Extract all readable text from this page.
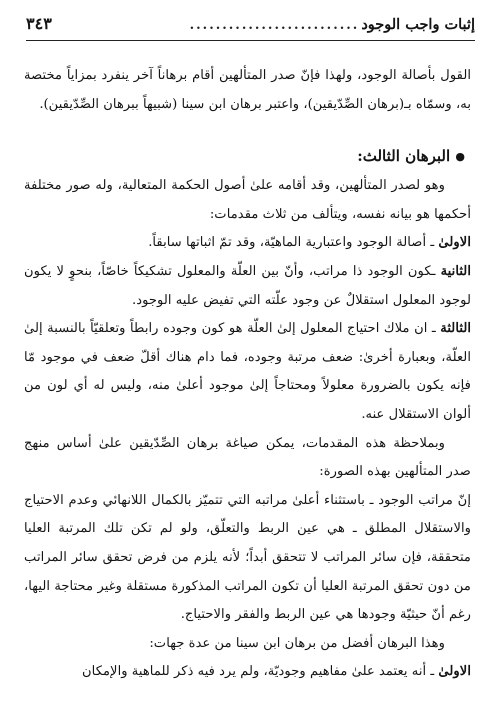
إثبات واجب الوجود
..........................
٣٤٣

القول بأصالة الوجود، ولهذا فإنّ صدر المتألهين أقام برهاناً آخر ينفرد بمزاياً مختصة به، وسمّاه بـ(برهان الصِّدّيقين)، واعتبر برهان ابن سينا (شبيهاً ببرهان الصِّدّيقين).

● البرهان الثالث:

وهو لصدر المتألهين، وقد أقامه علىٰ أصول الحكمة المتعالية، وله صور مختلفة أحكمها هو بيانه نفسه، ويتألف من ثلاث مقدمات:

الاولىٰ ـ أصالة الوجود واعتبارية الماهيّة، وقد تمّ اثباتها سابقاً.

الثانية ـكون الوجود ذا مراتب، وأنّ بين العلّة والمعلول تشكيكاً خاصّاً، بنحوٍ لا يكون لوجود المعلول استقلالٌ عن وجود علّته التي تفيض عليه الوجود.

الثالثة ـ ان ملاك احتياج المعلول إلىٰ العلّة هو كون وجوده رابطاً وتعلقيّاً بالنسبة إلىٰ العلّة، وبعبارة أخرىٰ: ضعف مرتبة وجوده، فما دام هناك أقلّ ضعف في موجود مّا فإنه يكون بالضرورة معلولاً ومحتاجاً إلىٰ موجود أعلىٰ منه، وليس له أي لون من ألوان الاستقلال عنه.

وبملاحظة هذه المقدمات، يمكن صياغة برهان الصِّدّيقين علىٰ أساس منهج صدر المتألهين بهذه الصورة:

إنّ مراتب الوجود ـ باستثناء أعلىٰ مراتبه التي تتميّز بالكمال اللانهائي وعدم الاحتياج والاستقلال المطلق ـ هي عين الربط والتعلّق، ولو لم تكن تلك المرتبة العليا متحققة، فإن سائر المراتب لا تتحقق أبداً؛ لأنه يلزم من فرض تحقق سائر المراتب من دون تحقق المرتبة العليا أن تكون المراتب المذكورة مستقلة وغير محتاجة اليها، رغم أنّ حيثيّة وجودها هي عين الربط والفقر والاحتياج.

وهذا البرهان أفضل من برهان ابن سينا من عدة جهات:

الاولىٰ ـ أنه يعتمد علىٰ مفاهيم وجوديّة، ولم يرد فيه ذكر للماهية والإمكان
